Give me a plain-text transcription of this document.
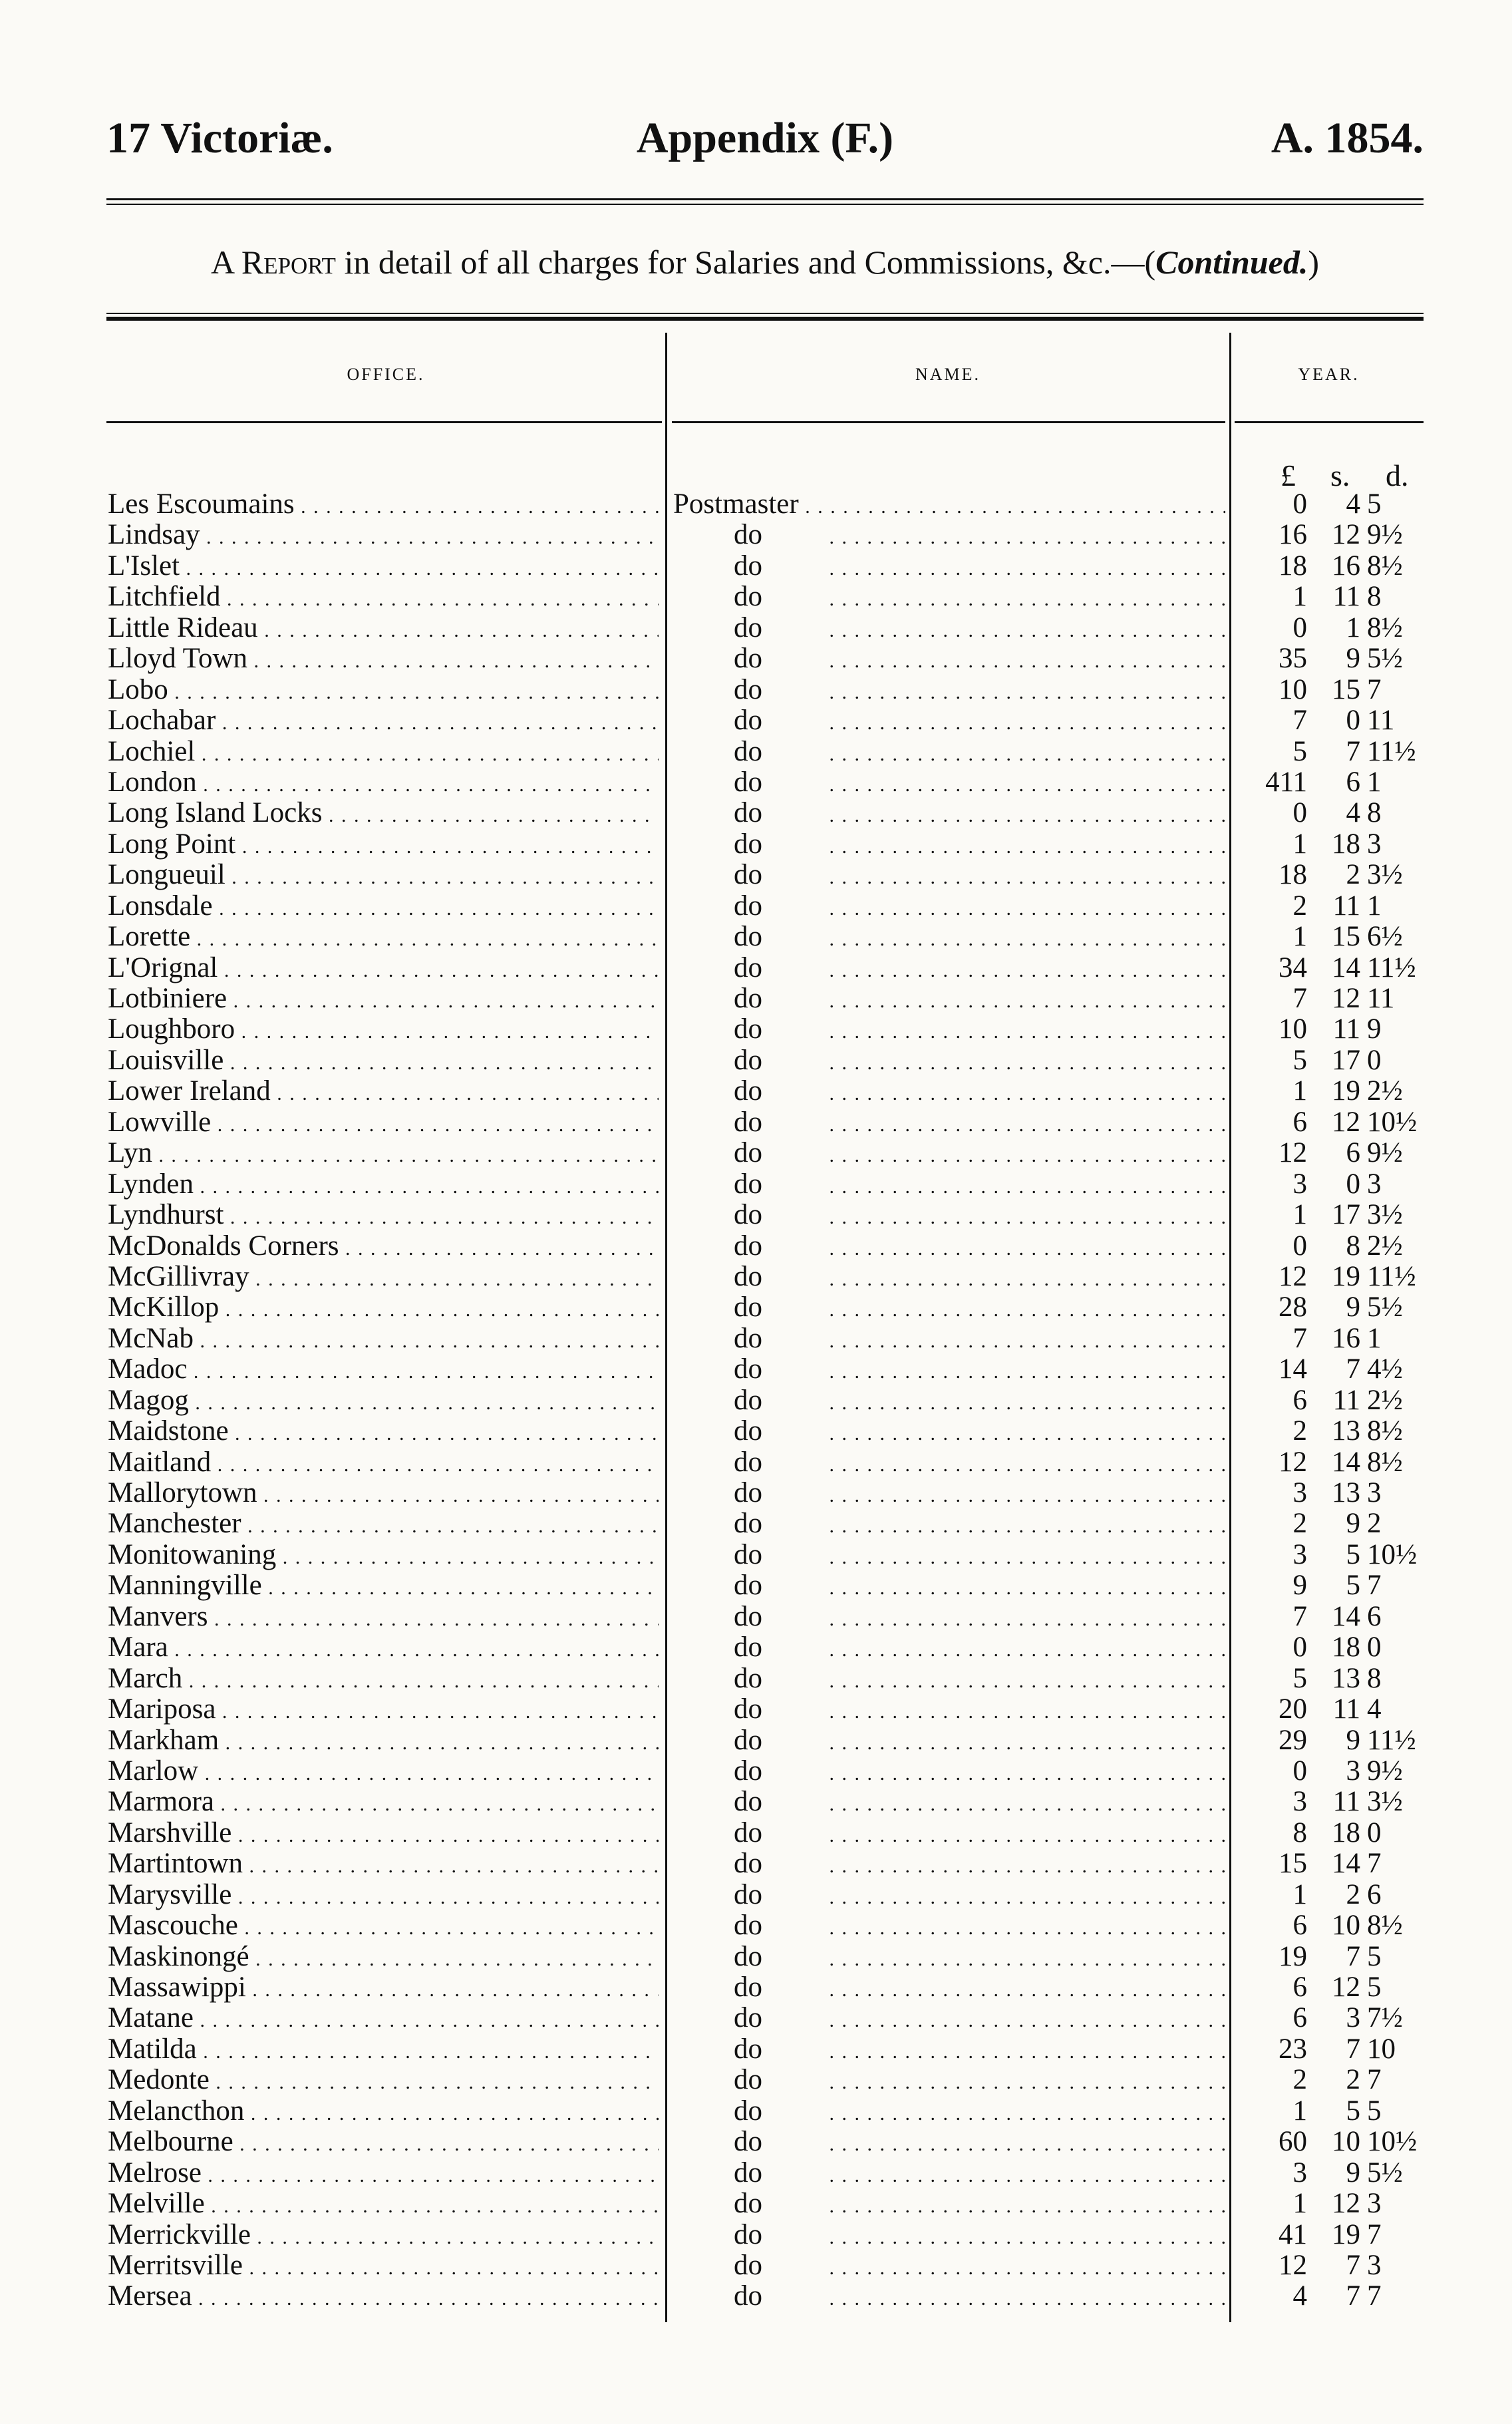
17 Victoriæ.	Appendix (F.)	A. 1854.
A Report in detail of all charges for Salaries and Commissions, &c.—(Continued.)
OFFICE.	NAME.	YEAR.
£ s. d.
Les Escoumains . . .	Postmaster . . .	0	4 5
Lindsay . . .	do . . .	16 12 9½
L'Islet . . .	do . . .	18 16 8½
Litchfield . . .	do . . .	1 11 8
Little Rideau . . .	do . . .	0	1 8½
Lloyd Town . . .	do . . .	35	9 5½
Lobo . . .	do . . .	10 15 7
Lochabar . . .	do . . .	7	0 11
Lochiel . . .	do . . .	5	7 11½
London . . .	do . . .	411	6 1
Long Island Locks . . .	do . . .	0	4 8
Long Point . . .	do . . .	1 18 3
Longueuil . . .	do . . .	18	2 3½
Lonsdale . . .	do . . .	2 11 1
Lorette . . .	do . . .	1 15 6½
L'Orignal . . .	do . . .	34 14 11½
Lotbiniere . . .	do . . .	7 12 11
Loughboro . . .	do . . .	10 11 9
Louisville . . .	do . . .	5 17 0
Lower Ireland . . .	do . . .	1 19 2½
Lowville . . .	do . . .	6 12 10½
Lyn . . .	do . . .	12	6 9½
Lynden . . .	do . . .	3	0 3
Lyndhurst . . .	do . . .	1 17 3½
McDonalds Corners . . .	do . . .	0	8 2½
McGillivray . . .	do . . .	12 19 11½
McKillop . . .	do . . .	28	9 5½
McNab . . .	do . . .	7 16 1
Madoc . . .	do . . .	14	7 4½
Magog . . .	do . . .	6 11 2½
Maidstone . . .	do . . .	2 13 8½
Maitland . . .	do . . .	12 14 8½
Mallorytown . . .	do . . .	3 13 3
Manchester . . .	do . . .	2	9 2
Monitowaning . . .	do . . .	3	5 10½
Manningville . . .	do . . .	9	5 7
Manvers . . .	do . . .	7 14 6
Mara . . .	do . . .	0 18 0
March . . .	do . . .	5 13 8
Mariposa . . .	do . . .	20 11 4
Markham . . .	do . . .	29	9 11½
Marlow . . .	do . . .	0	3 9½
Marmora . . .	do . . .	3 11 3½
Marshville . . .	do . . .	8 18 0
Martintown . . .	do . . .	15 14 7
Marysville . . .	do . . .	1	2 6
Mascouche . . .	do . . .	6 10 8½
Maskinongé . . .	do . . .	19	7 5
Massawippi . . .	do . . .	6 12 5
Matane . . .	do . . .	6	3 7½
Matilda . . .	do . . .	23	7 10
Medonte . . .	do . . .	2	2 7
Melancthon . . .	do . . .	1	5 5
Melbourne . . .	do . . .	60 10 10½
Melrose . . .	do . . .	3	9 5½
Melville . . .	do . . .	1 12 3
Merrickville . . .	do . . .	41 19 7
Merritsville . . .	do . . .	12	7 3
Mersea . . .	do . . .	4	7 7
